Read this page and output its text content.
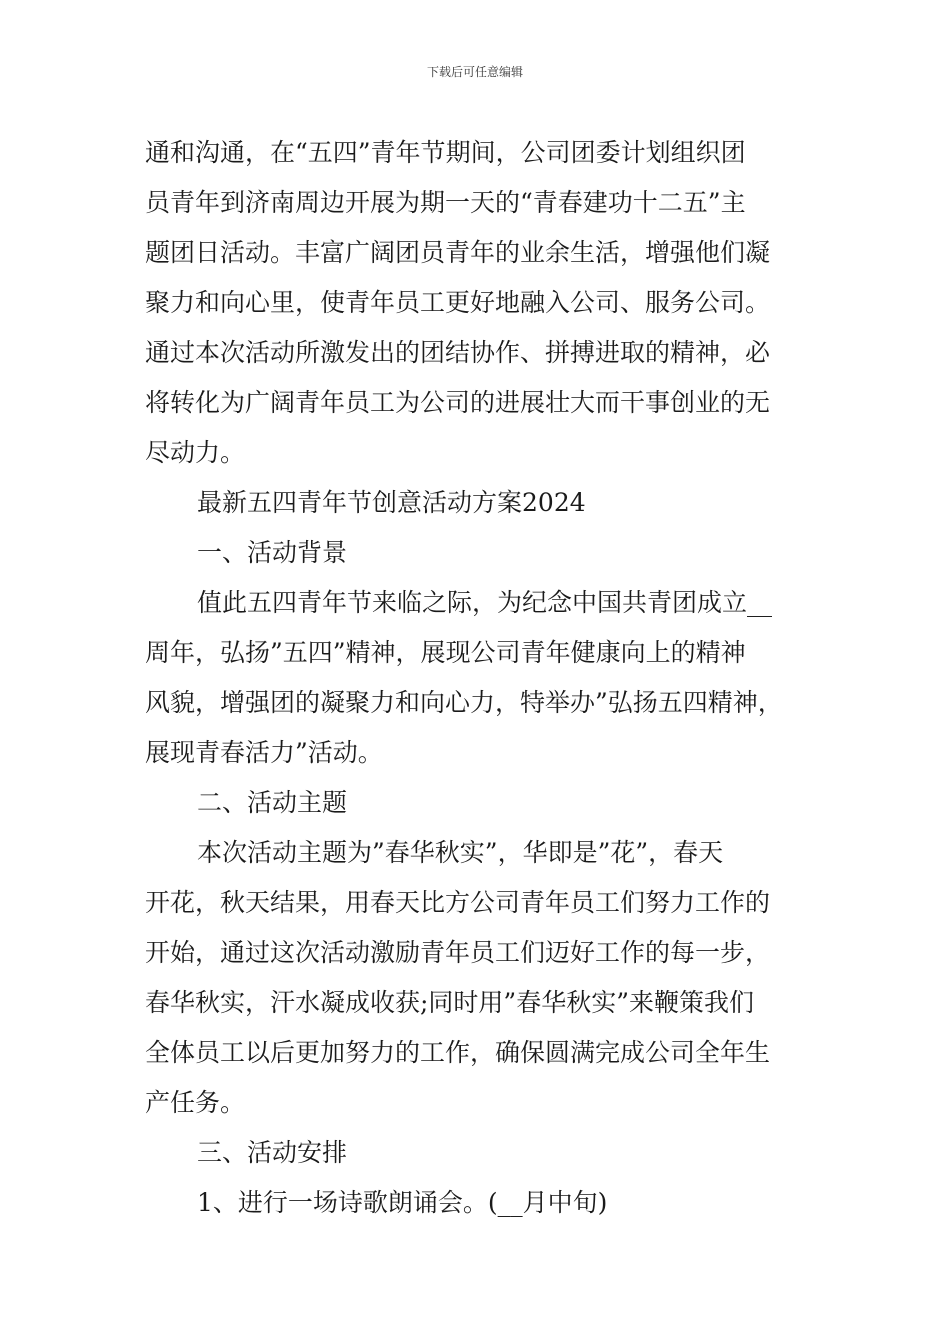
下载后可任意编辑
通和沟通，在“五四”青年节期间，公司团委计划组织团
员青年到济南周边开展为期一天的“青春建功十二五”主
题团日活动。丰富广阔团员青年的业余生活，增强他们凝
聚力和向心里，使青年员工更好地融入公司、服务公司。
通过本次活动所激发出的团结协作、拼搏进取的精神，必
将转化为广阔青年员工为公司的进展壮大而干事创业的无
尽动力。
最新五四青年节创意活动方案2024
一、活动背景
值此五四青年节来临之际，为纪念中国共青团成立__
周年，弘扬”五四”精神，展现公司青年健康向上的精神
风貌，增强团的凝聚力和向心力，特举办”弘扬五四精神，
展现青春活力”活动。
二、活动主题
本次活动主题为”春华秋实”，华即是”花”，春天
开花，秋天结果，用春天比方公司青年员工们努力工作的
开始，通过这次活动激励青年员工们迈好工作的每一步，
春华秋实，汗水凝成收获;同时用”春华秋实”来鞭策我们
全体员工以后更加努力的工作，确保圆满完成公司全年生
产任务。
三、活动安排
1、进行一场诗歌朗诵会。(__月中旬)
